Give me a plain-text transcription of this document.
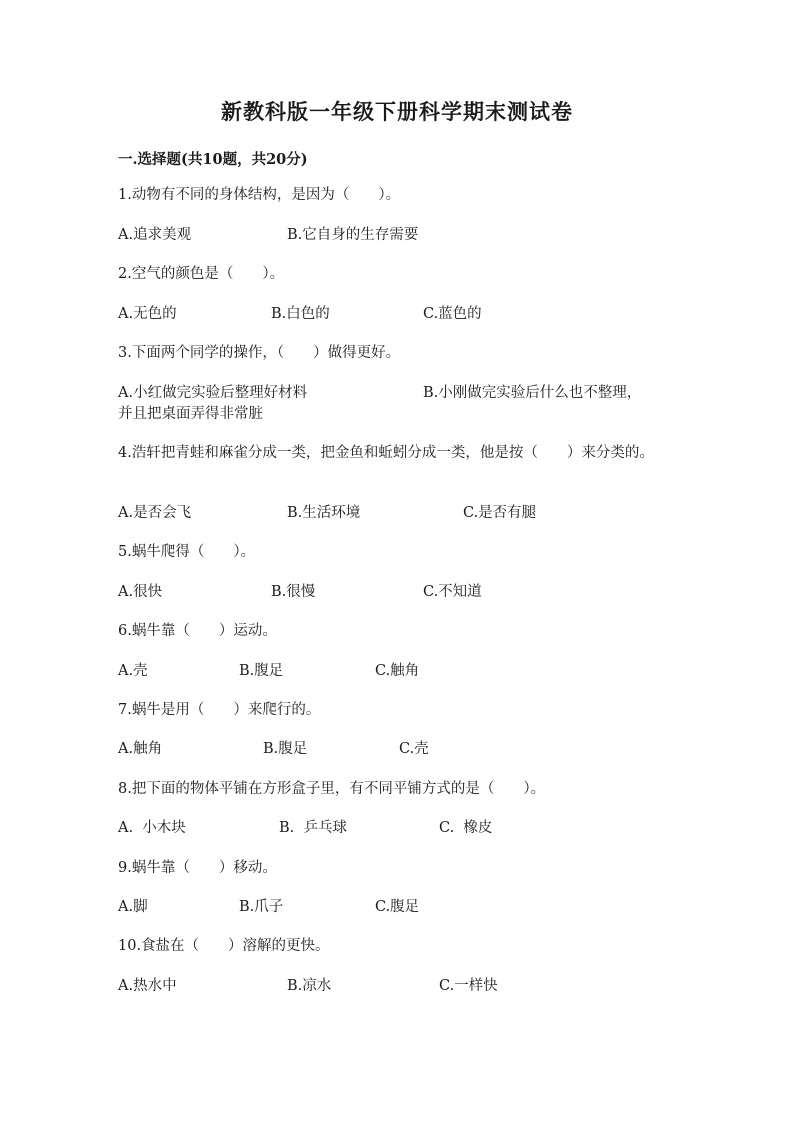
新教科版一年级下册科学期末测试卷
一.选择题(共10题，共20分)
1.动物有不同的身体结构，是因为（　　）。
A.追求美观	B.它自身的生存需要
2.空气的颜色是（　　）。
A.无色的	B.白色的	C.蓝色的
3.下面两个同学的操作，（　　）做得更好。
A.小红做完实验后整理好材料	B.小刚做完实验后什么也不整理，
并且把桌面弄得非常脏
4.浩轩把青蛙和麻雀分成一类，把金鱼和蚯蚓分成一类，他是按（　　）来分类的。
A.是否会飞	B.生活环境	C.是否有腿
5.蜗牛爬得（　　）。
A.很快	B.很慢	C.不知道
6.蜗牛靠（　　）运动。
A.壳	B.腹足	C.触角
7.蜗牛是用（　　）来爬行的。
A.触角	B.腹足	C.壳
8.把下面的物体平铺在方形盒子里，有不同平铺方式的是（　　）。
A.  小木块	B.  乒乓球	C.  橡皮
9.蜗牛靠（　　）移动。
A.脚	B.爪子	C.腹足
10.食盐在（　　）溶解的更快。
A.热水中	B.凉水	C.一样快
